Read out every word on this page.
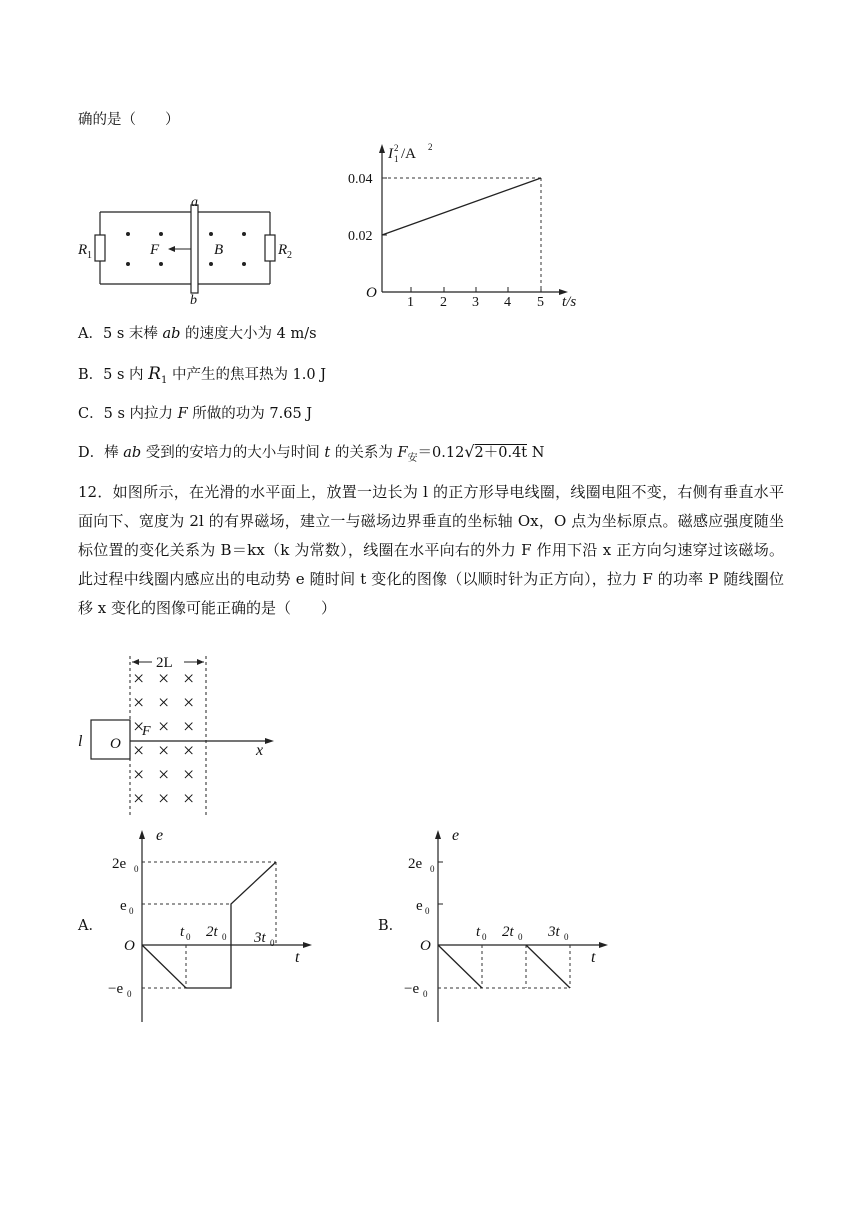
确的是（　　）
a
b
R 1	R 2
F	B
I 1
2 /A 2
0.04
0.02
O
1 2 3 4 5 t/s
A．5 s 末棒 ab 的速度大小为 4 m/s
B．5 s 内 $R_1$ 中产生的焦耳热为 1.0 J
C．5 s 内拉力 F 所做的功为 7.65 J
D．棒 ab 受到的安培力的大小与时间 t 的关系为 $F_安=0.12√2+0.4t$ N
12．如图所示，在光滑的水平面上，放置一边长为 l 的正方形导电线圈，线圈电阻不变，右侧有垂直水平面向下、宽度为 2l 的有界磁场，建立一与磁场边界垂直的坐标轴 Ox，O 点为坐标原点。磁感应强度随坐标位置的变化关系为 B＝kx（k 为常数），线圈在水平向右的外力 F 作用下沿 x 正方向匀速穿过该磁场。此过程中线圈内感应出的电动势 e 随时间 t 变化的图像（以顺时针为正方向），拉力 F 的功率 P 随线圈位移 x 变化的图像可能正确的是（　　）
2L
× × ×
× × ×
× × ×
× × ×
× × ×
× × ×
l O
F
x
A．
e
t
O
2e 0
e 0
−e 0
t 0 2t 0 3t 0
B．
e
t
O
2e 0
e 0
−e 0
t 0 2t 0 3t 0
